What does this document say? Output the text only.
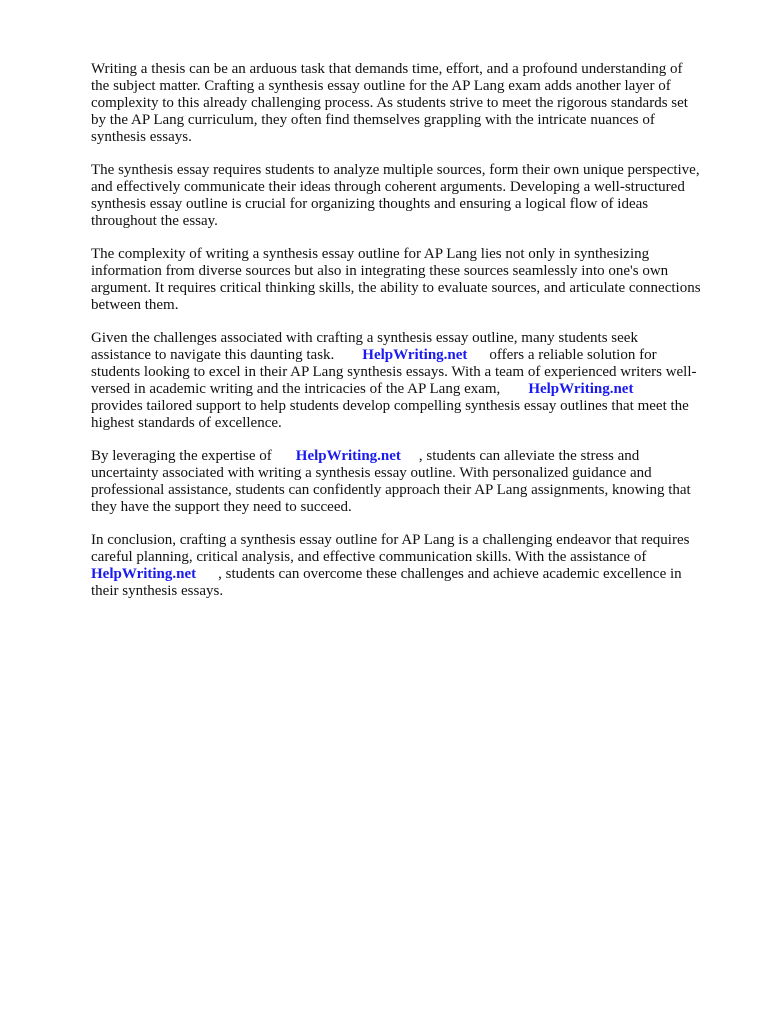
Writing a thesis can be an arduous task that demands time, effort, and a profound understanding of
the subject matter. Crafting a synthesis essay outline for the AP Lang exam adds another layer of
complexity to this already challenging process. As students strive to meet the rigorous standards set
by the AP Lang curriculum, they often find themselves grappling with the intricate nuances of
synthesis essays.

The synthesis essay requires students to analyze multiple sources, form their own unique perspective,
and effectively communicate their ideas through coherent arguments. Developing a well-structured
synthesis essay outline is crucial for organizing thoughts and ensuring a logical flow of ideas
throughout the essay.

The complexity of writing a synthesis essay outline for AP Lang lies not only in synthesizing
information from diverse sources but also in integrating these sources seamlessly into one's own
argument. It requires critical thinking skills, the ability to evaluate sources, and articulate connections
between them.

Given the challenges associated with crafting a synthesis essay outline, many students seek
assistance to navigate this daunting task. HelpWriting.net offers a reliable solution for
students looking to excel in their AP Lang synthesis essays. With a team of experienced writers well-
versed in academic writing and the intricacies of the AP Lang exam, HelpWriting.net
provides tailored support to help students develop compelling synthesis essay outlines that meet the
highest standards of excellence.

By leveraging the expertise of HelpWriting.net , students can alleviate the stress and
uncertainty associated with writing a synthesis essay outline. With personalized guidance and
professional assistance, students can confidently approach their AP Lang assignments, knowing that
they have the support they need to succeed.

In conclusion, crafting a synthesis essay outline for AP Lang is a challenging endeavor that requires
careful planning, critical analysis, and effective communication skills. With the assistance of
HelpWriting.net , students can overcome these challenges and achieve academic excellence in
their synthesis essays.
